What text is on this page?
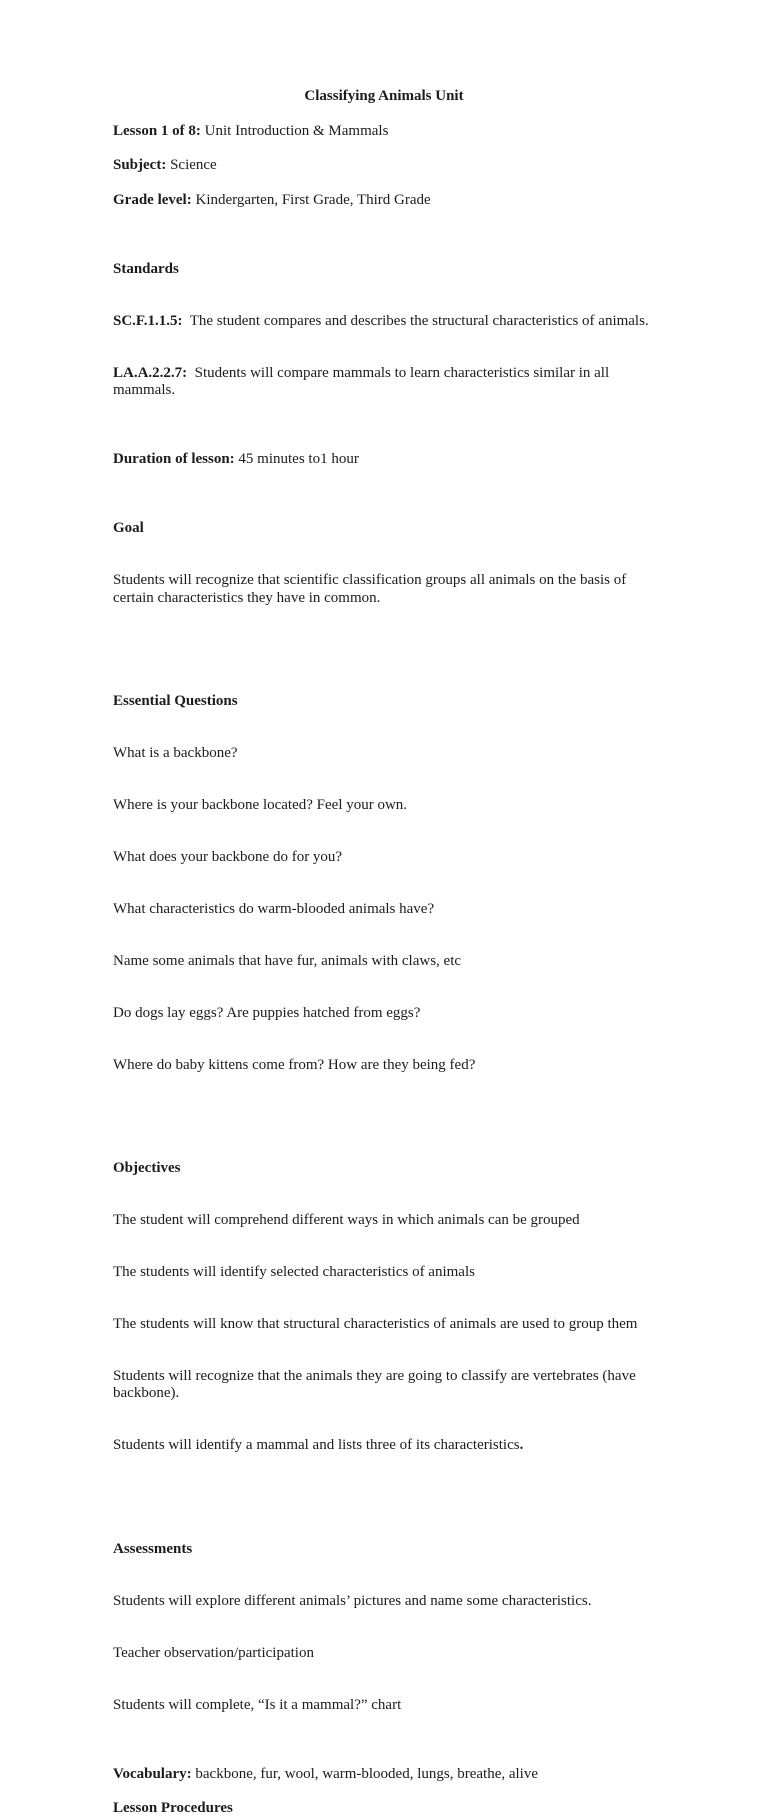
Classifying Animals Unit

Lesson 1 of 8: Unit Introduction & Mammals

Subject: Science

Grade level: Kindergarten, First Grade, Third Grade

Standards

SC.F.1.1.5:  The student compares and describes the structural characteristics of animals.

LA.A.2.2.7:  Students will compare mammals to learn characteristics similar in all mammals.

Duration of lesson: 45 minutes to1 hour

Goal

Students will recognize that scientific classification groups all animals on the basis of certain characteristics they have in common.

Essential Questions

What is a backbone?

Where is your backbone located? Feel your own.

What does your backbone do for you?

What characteristics do warm-blooded animals have?

Name some animals that have fur, animals with claws, etc

Do dogs lay eggs? Are puppies hatched from eggs?

Where do baby kittens come from? How are they being fed?

Objectives

The student will comprehend different ways in which animals can be grouped

The students will identify selected characteristics of animals

The students will know that structural characteristics of animals are used to group them

Students will recognize that the animals they are going to classify are vertebrates (have backbone).

Students will identify a mammal and lists three of its characteristics.

Assessments

Students will explore different animals’ pictures and name some characteristics.

Teacher observation/participation

Students will complete, “Is it a mammal?” chart

Vocabulary: backbone, fur, wool, warm-blooded, lungs, breathe, alive

Lesson Procedures
